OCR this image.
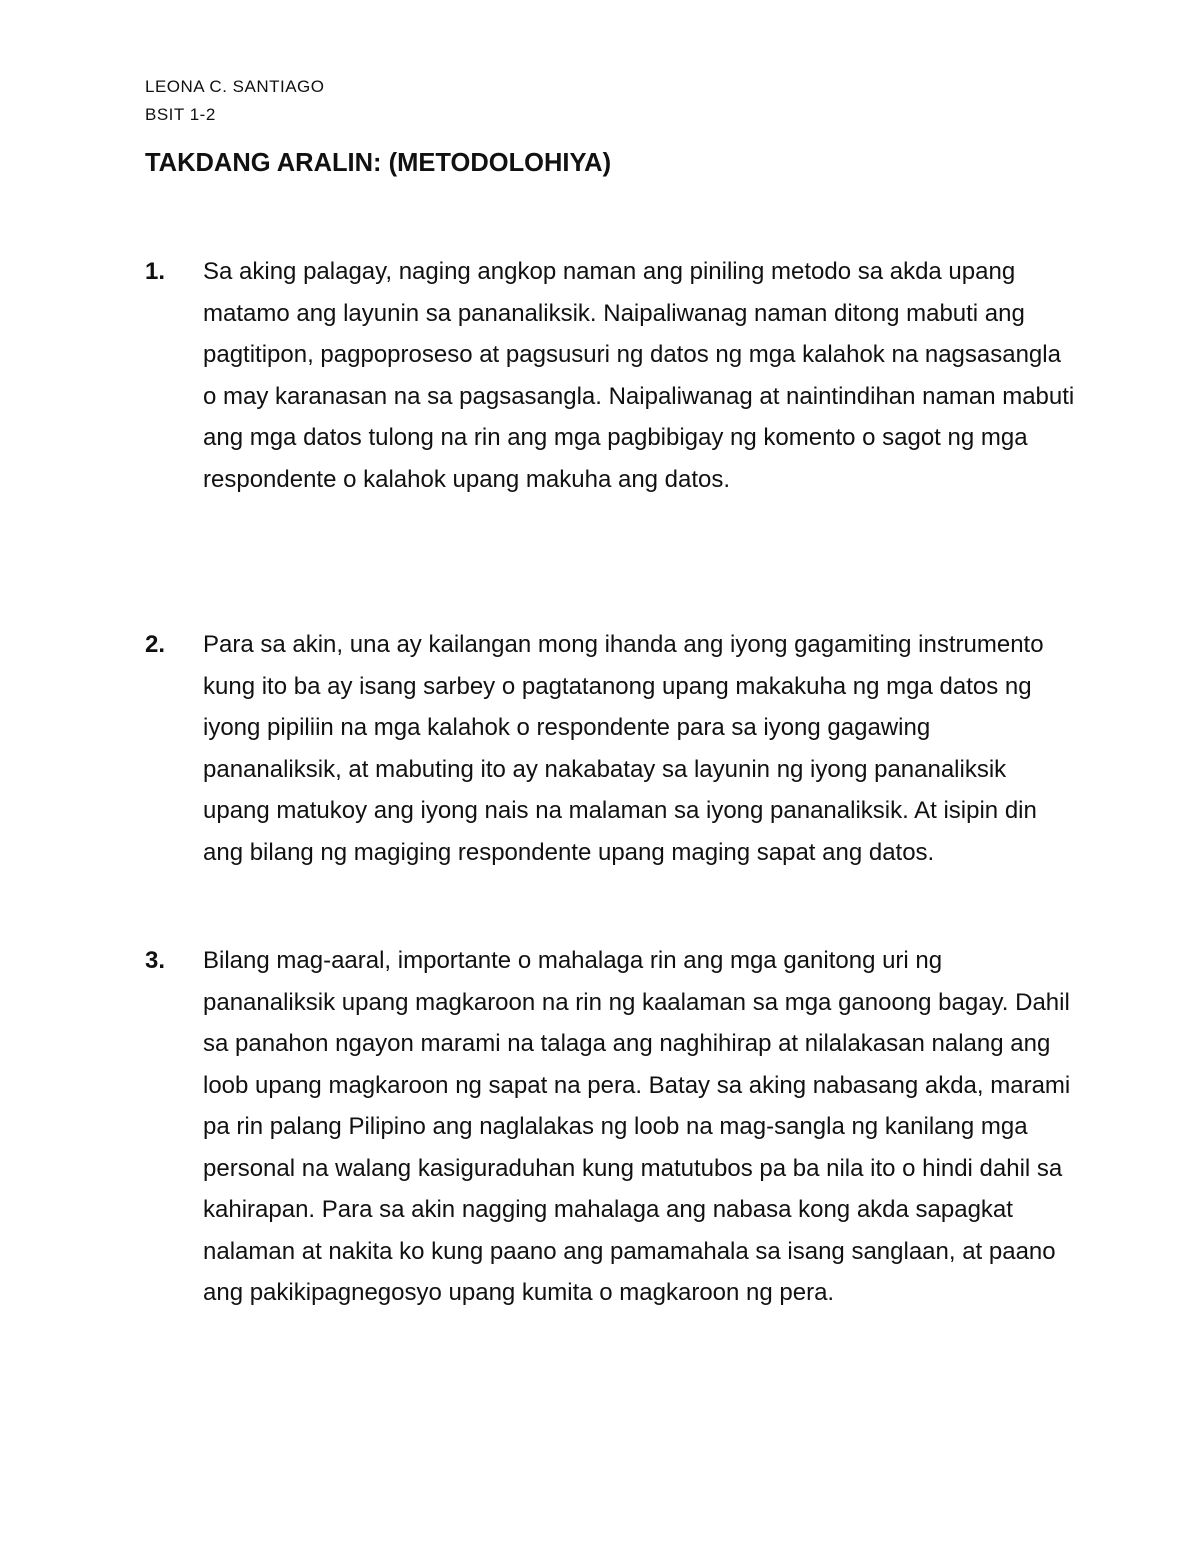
LEONA C. SANTIAGO
BSIT 1-2
TAKDANG ARALIN: (METODOLOHIYA)
1.	Sa aking palagay, naging angkop naman ang piniling metodo sa akda upang matamo ang layunin sa pananaliksik. Naipaliwanag naman ditong mabuti ang pagtitipon, pagpoproseso at pagsusuri ng datos ng mga kalahok na nagsasangla o may karanasan na sa pagsasangla. Naipaliwanag at naintindihan naman mabuti ang mga datos tulong na rin ang mga pagbibigay ng komento o sagot ng mga respondente o kalahok upang makuha ang datos.

2.	Para sa akin, una ay kailangan mong ihanda ang iyong gagamiting instrumento kung ito ba ay isang sarbey o pagtatanong upang makakuha ng mga datos ng iyong pipiliin na mga kalahok o respondente para sa iyong gagawing pananaliksik, at mabuting ito ay nakabatay sa layunin ng iyong pananaliksik upang matukoy ang iyong nais na malaman sa iyong pananaliksik. At isipin din ang bilang ng magiging respondente upang maging sapat ang datos.

3.	Bilang mag-aaral, importante o mahalaga rin ang mga ganitong uri ng pananaliksik upang magkaroon na rin ng kaalaman sa mga ganoong bagay. Dahil sa panahon ngayon marami na talaga ang naghihirap at nilalakasan nalang ang loob upang magkaroon ng sapat na pera. Batay sa aking nabasang akda, marami pa rin palang Pilipino ang naglalakas ng loob na mag-sangla ng kanilang mga personal na walang kasiguraduhan kung matutubos pa ba nila ito o hindi dahil sa kahirapan. Para sa akin nagging mahalaga ang nabasa kong akda sapagkat nalaman at nakita ko kung paano ang pamamahala sa isang sanglaan, at paano ang pakikipagnegosyo upang kumita o magkaroon ng pera.
